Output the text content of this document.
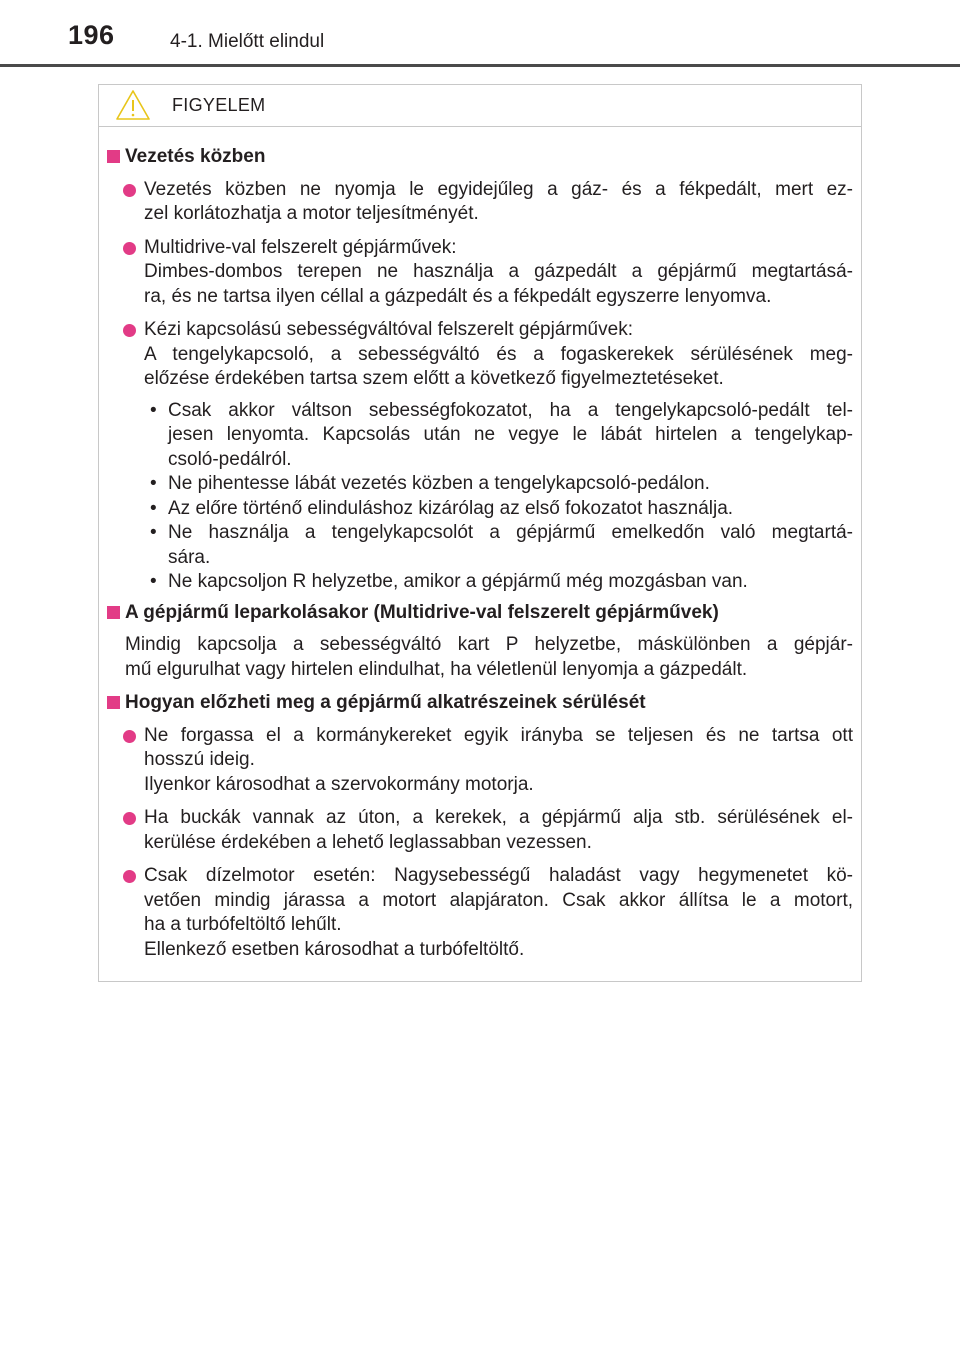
196	4-1. Mielőtt elindul
FIGYELEM
Vezetés közben
Vezetés közben ne nyomja le egyidejűleg a gáz- és a fékpedált, mert ez-
zel korlátozhatja a motor teljesítményét.
Multidrive-val felszerelt gépjárművek:
Dimbes-dombos terepen ne használja a gázpedált a gépjármű megtartásá-
ra, és ne tartsa ilyen céllal a gázpedált és a fékpedált egyszerre lenyomva.
Kézi kapcsolású sebességváltóval felszerelt gépjárművek:
A tengelykapcsoló, a sebességváltó és a fogaskerekek sérülésének meg-
előzése érdekében tartsa szem előtt a következő figyelmeztetéseket.
• Csak akkor váltson sebességfokozatot, ha a tengelykapcsoló-pedált tel-
jesen lenyomta. Kapcsolás után ne vegye le lábát hirtelen a tengelykap-
csoló-pedálról.
• Ne pihentesse lábát vezetés közben a tengelykapcsoló-pedálon.
• Az előre történő elinduláshoz kizárólag az első fokozatot használja.
• Ne használja a tengelykapcsolót a gépjármű emelkedőn való megtartá-
sára.
• Ne kapcsoljon R helyzetbe, amikor a gépjármű még mozgásban van.
A gépjármű leparkolásakor (Multidrive-val felszerelt gépjárművek)
Mindig kapcsolja a sebességváltó kart P helyzetbe, máskülönben a gépjár-
mű elgurulhat vagy hirtelen elindulhat, ha véletlenül lenyomja a gázpedált.
Hogyan előzheti meg a gépjármű alkatrészeinek sérülését
Ne forgassa el a kormánykereket egyik irányba se teljesen és ne tartsa ott
hosszú ideig.
Ilyenkor károsodhat a szervokormány motorja.
Ha buckák vannak az úton, a kerekek, a gépjármű alja stb. sérülésének el-
kerülése érdekében a lehető leglassabban vezessen.
Csak dízelmotor esetén: Nagysebességű haladást vagy hegymenetet kö-
vetően mindig járassa a motort alapjáraton. Csak akkor állítsa le a motort,
ha a turbófeltöltő lehűlt.
Ellenkező esetben károsodhat a turbófeltöltő.
